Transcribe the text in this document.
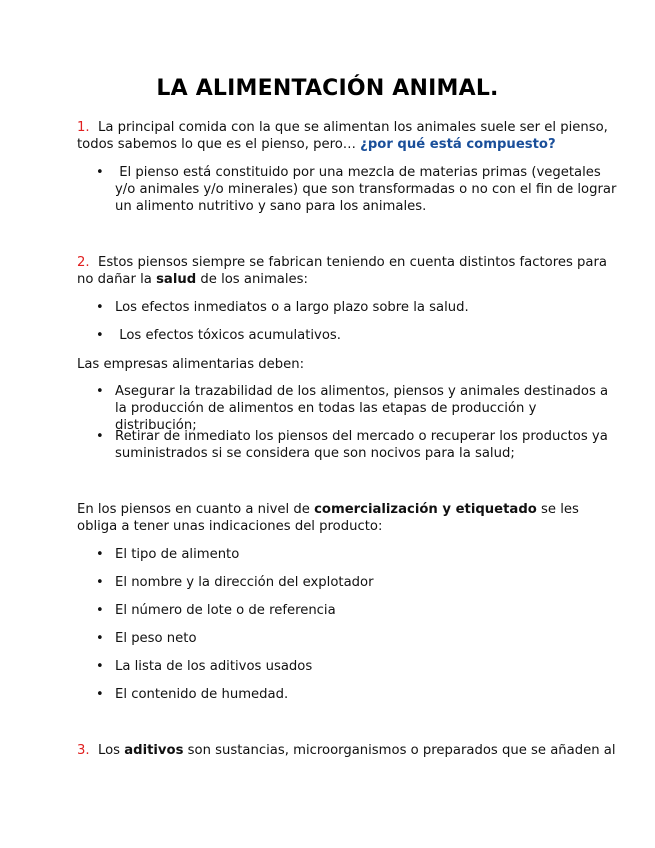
LA ALIMENTACIÓN ANIMAL.
1. La principal comida con la que se alimentan los animales suele ser el pienso, todos sabemos lo que es el pienso, pero… ¿por qué está compuesto?
•	El pienso está constituido por una mezcla de materias primas (vegetales y/o animales y/o minerales) que son transformadas o no con el fin de lograr un alimento nutritivo y sano para los animales.
2. Estos piensos siempre se fabrican teniendo en cuenta distintos factores para no dañar la salud de los animales:
• Los efectos inmediatos o a largo plazo sobre la salud.
•	Los efectos tóxicos acumulativos.
Las empresas alimentarias deben:
• Asegurar la trazabilidad de los alimentos, piensos y animales destinados a la producción de alimentos en todas las etapas de producción y distribución;
• Retirar de inmediato los piensos del mercado o recuperar los productos ya suministrados si se considera que son nocivos para la salud;
En los piensos en cuanto a nivel de comercialización y etiquetado se les obliga a tener unas indicaciones del producto:
• El tipo de alimento
• El nombre y la dirección del explotador
• El número de lote o de referencia
• El peso neto
• La lista de los aditivos usados
• El contenido de humedad.
3. Los aditivos son sustancias, microorganismos o preparados que se añaden al
